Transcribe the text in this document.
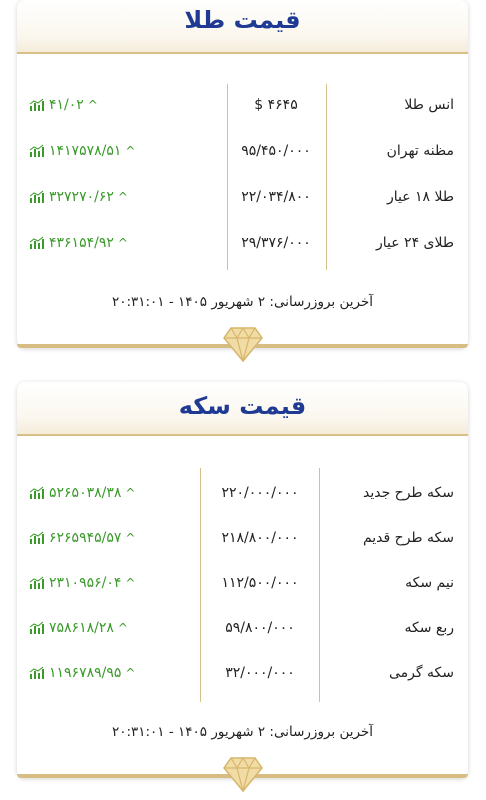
قیمت طلا
انس طلا
۴۶۴۵ $
۴۱/۰۲ ^
مظنه تهران
۹۵/۴۵۰/۰۰۰
۱۴۱۷۵۷۸/۵۱ ^
طلا ۱۸ عیار
۲۲/۰۳۴/۸۰۰
۳۲۷۲۷۰/۶۲ ^
طلای ۲۴ عیار
۲۹/۳۷۶/۰۰۰
۴۳۶۱۵۴/۹۲ ^
آخرین بروزرسانی: ۲ شهریور ۱۴۰۵ - ۲۰:۳۱:۰۱
قیمت سکه
سکه طرح جدید
۲۲۰/۰۰۰/۰۰۰
۵۲۶۵۰۳۸/۳۸ ^
سکه طرح قدیم
۲۱۸/۸۰۰/۰۰۰
۶۲۶۵۹۴۵/۵۷ ^
نیم سکه
۱۱۲/۵۰۰/۰۰۰
۲۳۱۰۹۵۶/۰۴ ^
ربع سکه
۵۹/۸۰۰/۰۰۰
۷۵۸۶۱۸/۲۸ ^
سکه گرمی
۳۲/۰۰۰/۰۰۰
۱۱۹۶۷۸۹/۹۵ ^
آخرین بروزرسانی: ۲ شهریور ۱۴۰۵ - ۲۰:۳۱:۰۱
